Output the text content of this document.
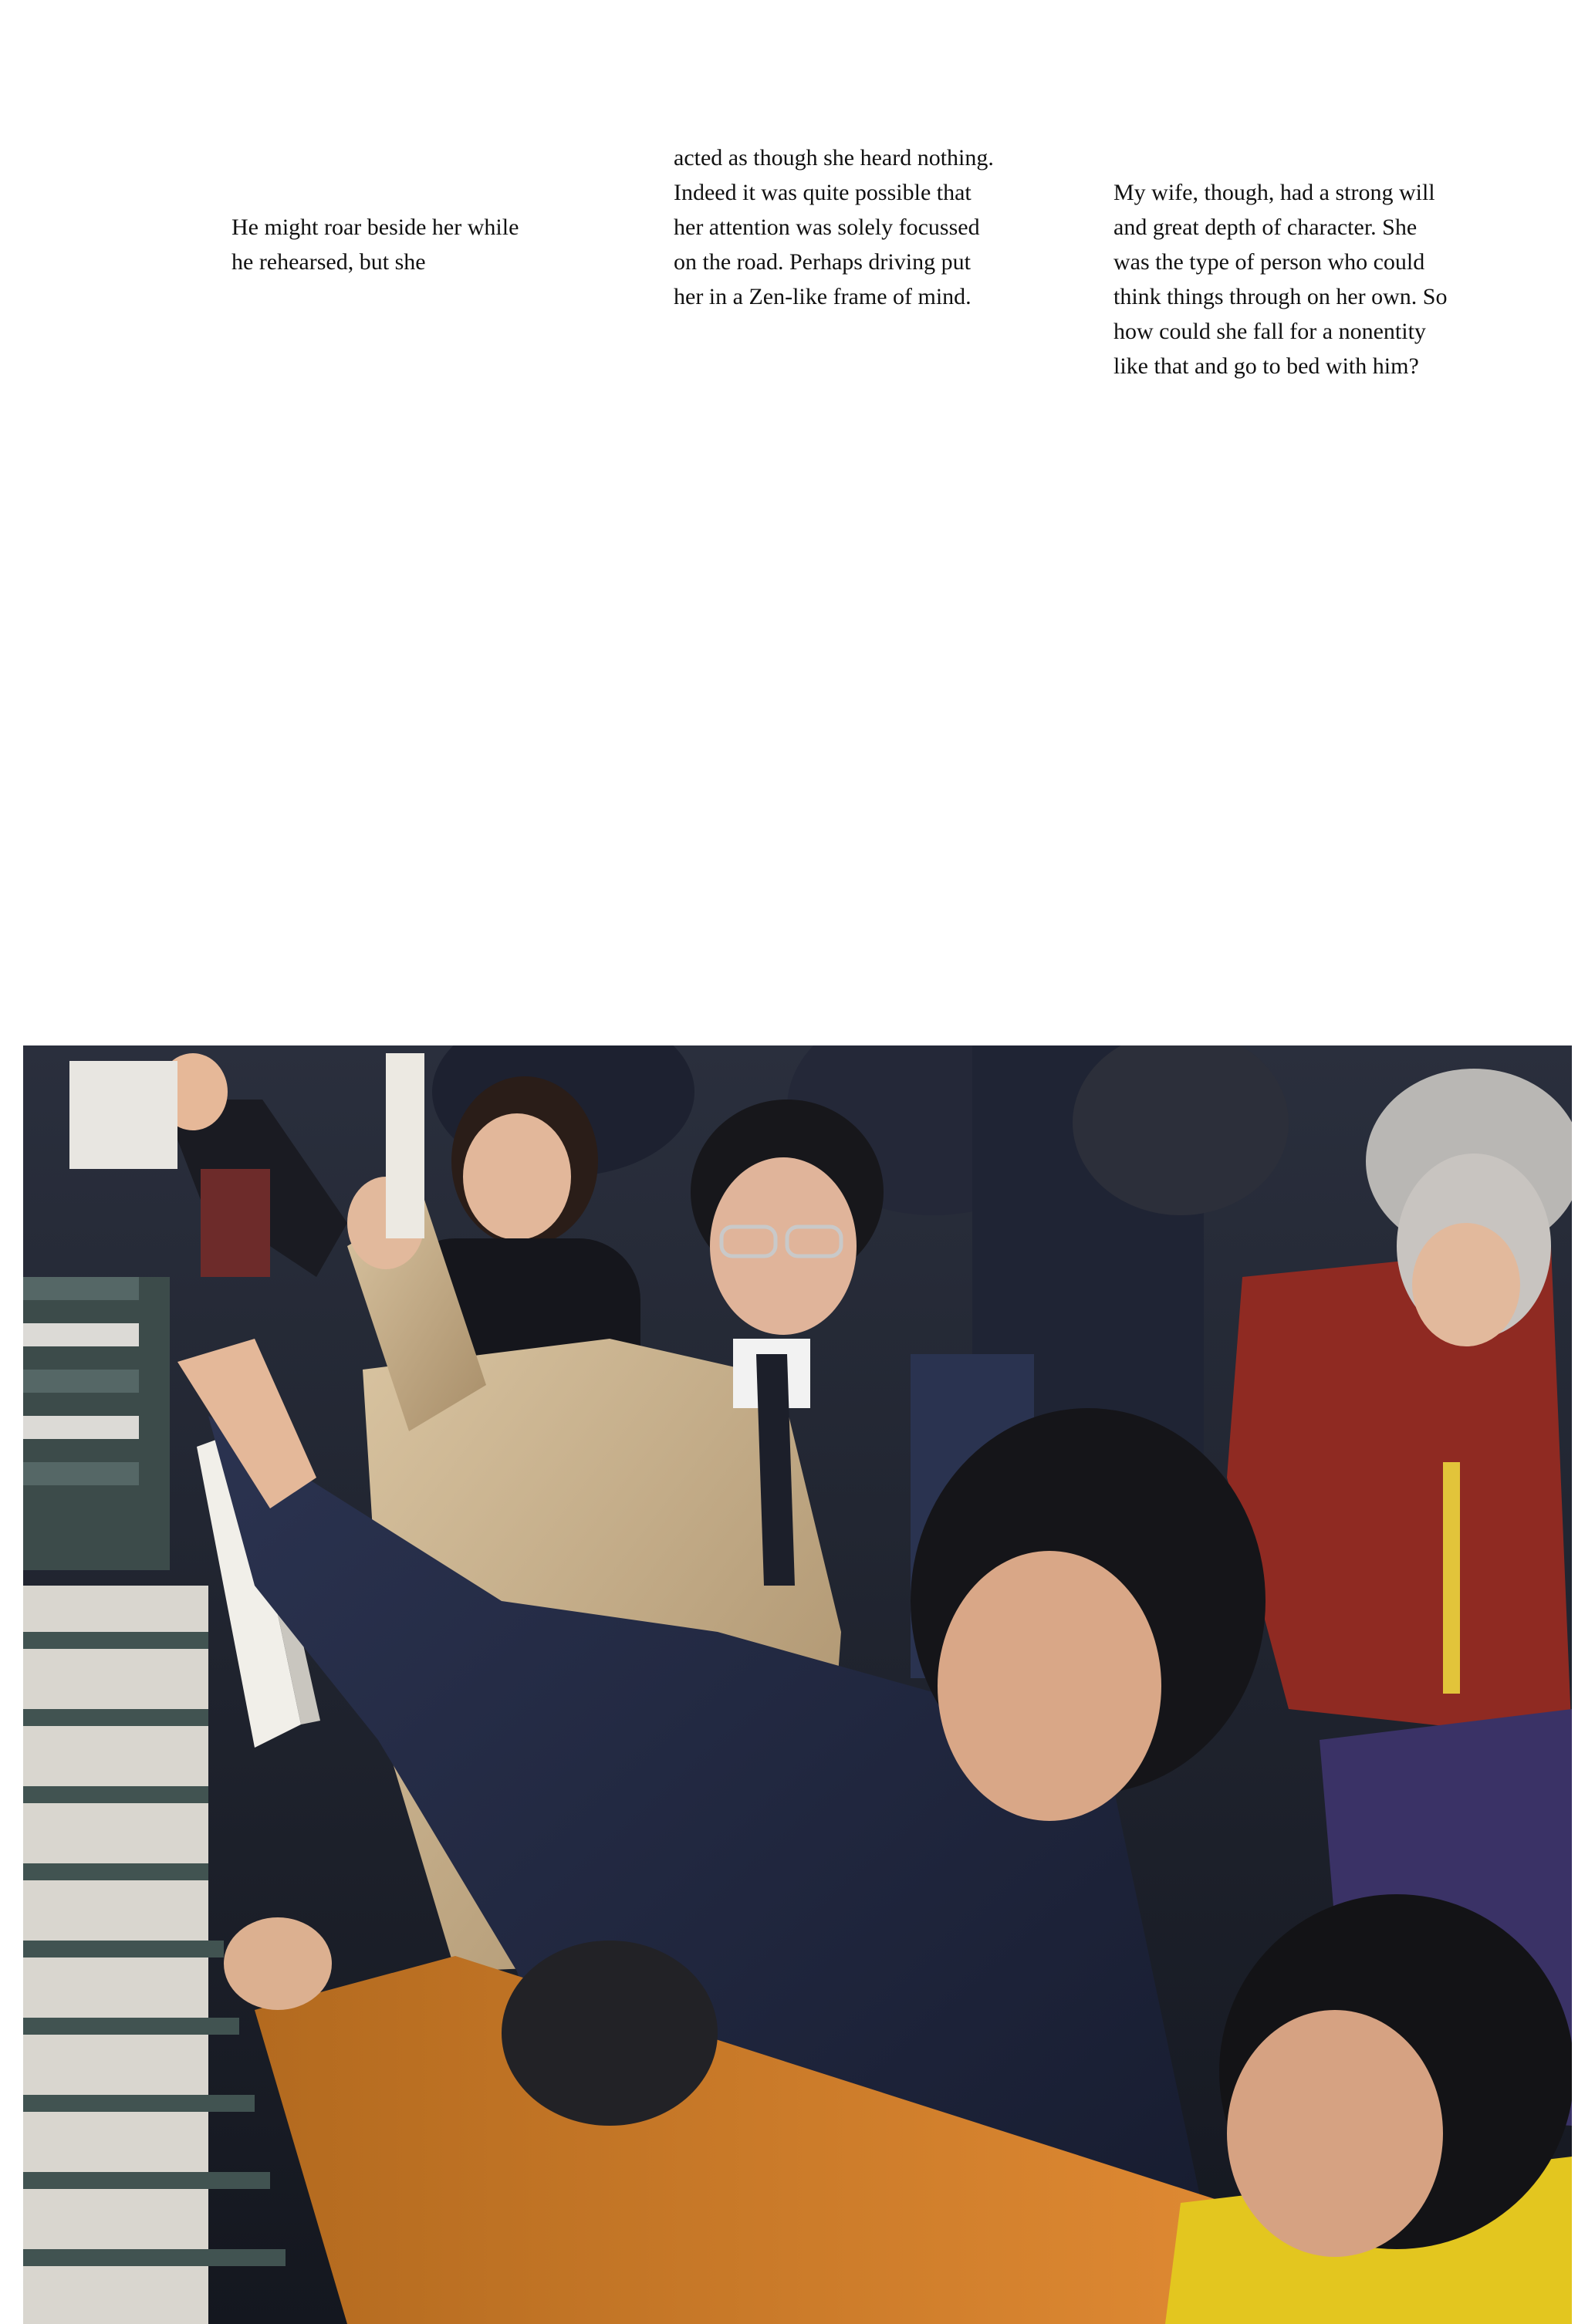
He might roar beside her while he rehearsed, but she

acted as though she heard nothing. Indeed it was quite possible that her attention was solely focussed on the road. Perhaps driving put her in a Zen-like frame of mind.

My wife, though, had a strong will and great depth of character. She was the type of person who could think things through on her own. So how could she fall for a nonentity like that and go to bed with him?
